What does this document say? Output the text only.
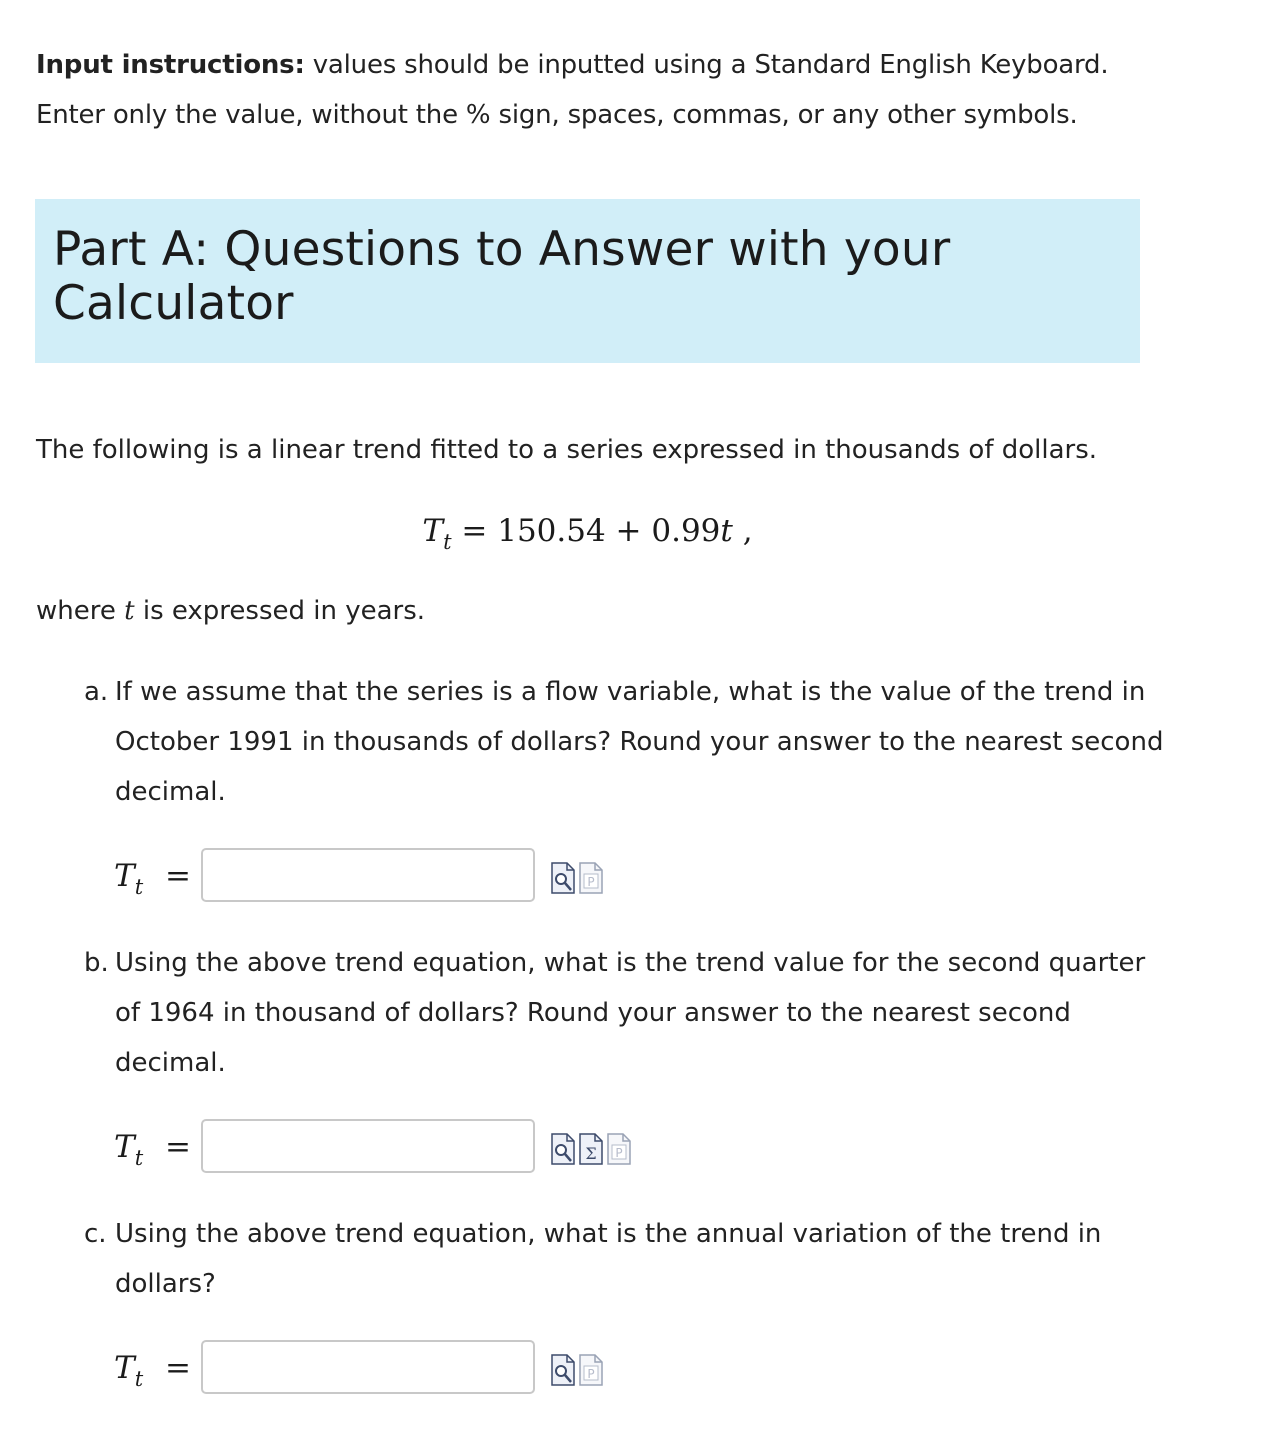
Input instructions: values should be inputted using a Standard English Keyboard.
Enter only the value, without the % sign, spaces, commas, or any other symbols.
Part A: Questions to Answer with your Calculator
The following is a linear trend fitted to a series expressed in thousands of dollars.
$T_t = 150.54 + 0.99t$ ,
where t is expressed in years.
a. If we assume that the series is a flow variable, what is the value of the trend in October 1991 in thousands of dollars? Round your answer to the nearest second decimal.
$T_t$ =	P
b. Using the above trend equation, what is the trend value for the second quarter of 1964 in thousand of dollars? Round your answer to the nearest second decimal.
$T_t$ =	Σ P
c. Using the above trend equation, what is the annual variation of the trend in dollars?
$T_t$ =	P
